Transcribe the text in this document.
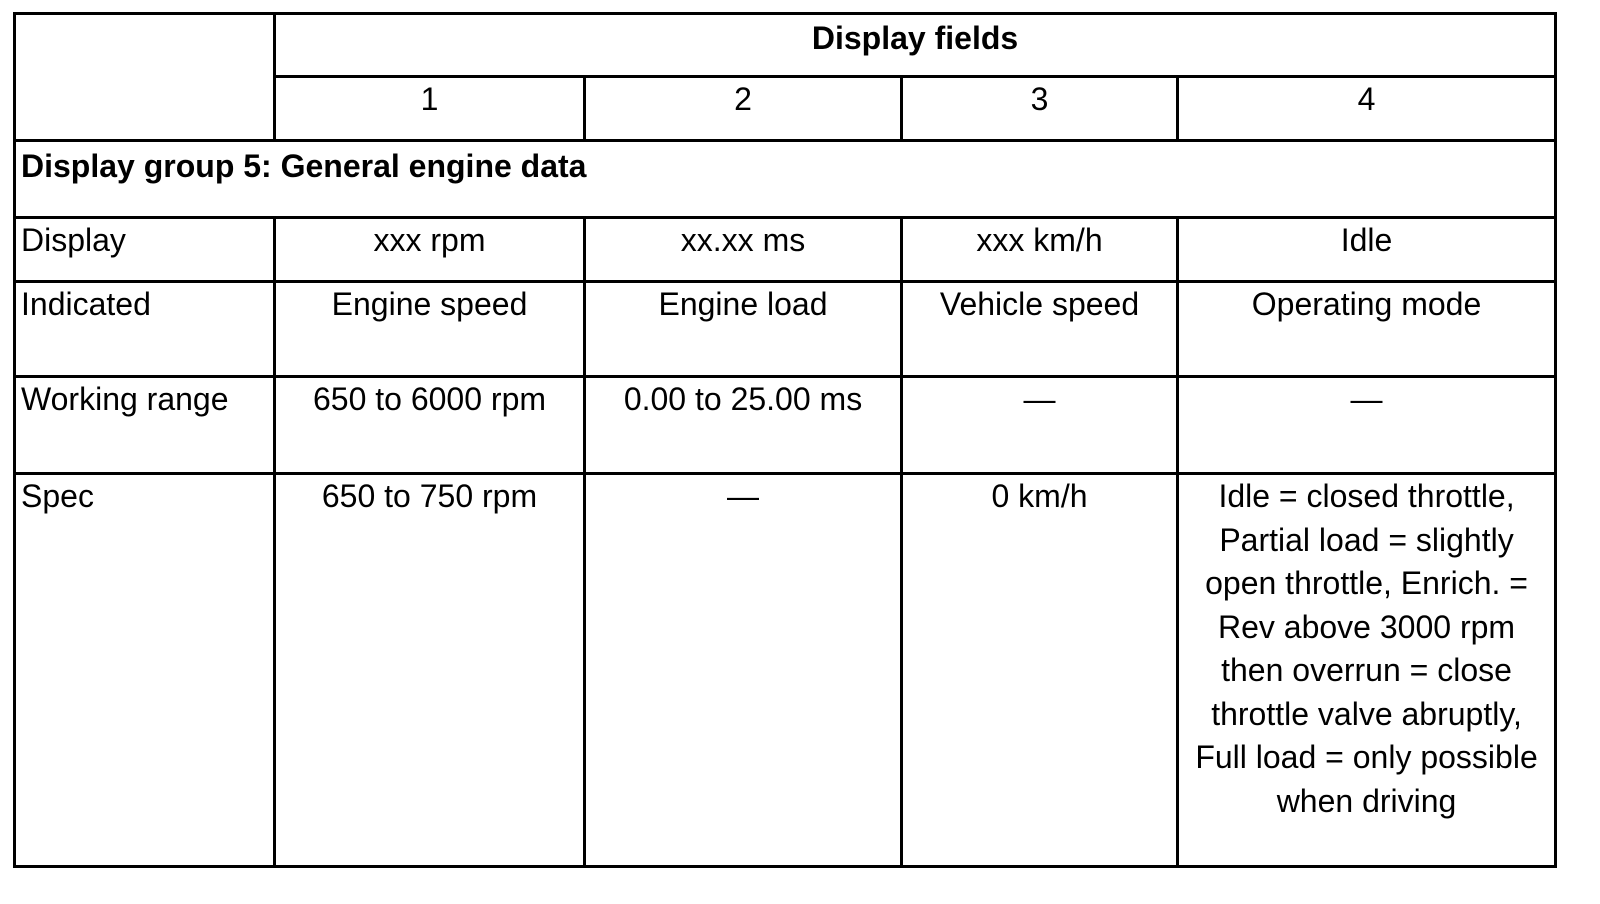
	Display fields			
	1	2	3	4
Display group 5: General engine data				
Display	xxx rpm	xx.xx ms	xxx km/h	Idle
Indicated	Engine speed	Engine load	Vehicle speed	Operating mode
Working range	650 to 6000 rpm	0.00 to 25.00 ms	—	—
Spec	650 to 750 rpm	—	0 km/h	Idle = closed throttle, Partial load = slightly open throttle, Enrich. = Rev above 3000 rpm then overrun = close throttle valve abruptly, Full load = only possible when driving
